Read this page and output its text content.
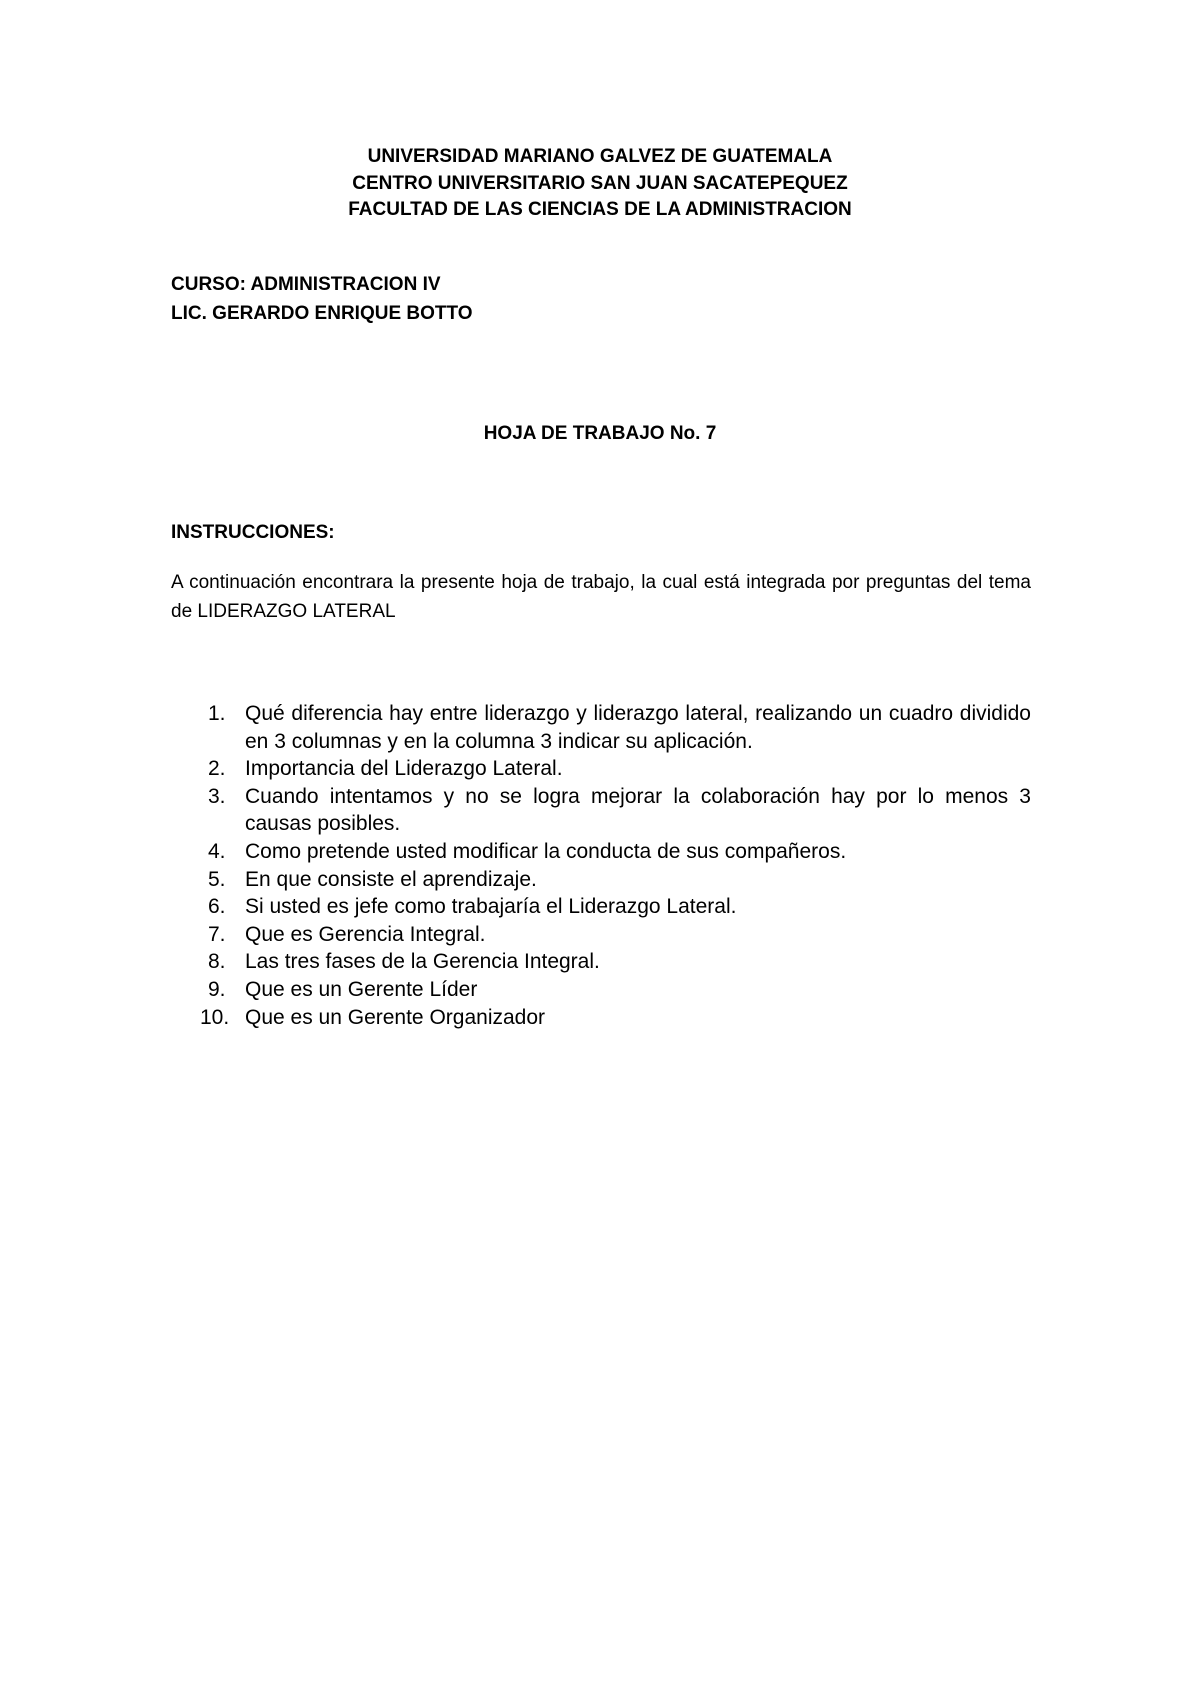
UNIVERSIDAD MARIANO GALVEZ DE GUATEMALA
CENTRO UNIVERSITARIO SAN JUAN SACATEPEQUEZ
FACULTAD DE LAS CIENCIAS DE LA ADMINISTRACION
CURSO: ADMINISTRACION IV
LIC. GERARDO ENRIQUE BOTTO
HOJA DE TRABAJO No. 7
INSTRUCCIONES:
A continuación encontrara la presente hoja de trabajo, la cual está integrada por preguntas del tema de LIDERAZGO LATERAL
1. Qué diferencia hay entre liderazgo y liderazgo lateral, realizando un cuadro dividido en 3 columnas y en la columna 3 indicar su aplicación.
2. Importancia del Liderazgo Lateral.
3. Cuando intentamos y no se logra mejorar la colaboración hay por lo menos 3 causas posibles.
4. Como pretende usted modificar la conducta de sus compañeros.
5. En que consiste el aprendizaje.
6. Si usted es jefe como trabajaría el Liderazgo Lateral.
7. Que es Gerencia Integral.
8. Las tres fases de la Gerencia Integral.
9. Que es un Gerente Líder
10. Que es un Gerente Organizador
